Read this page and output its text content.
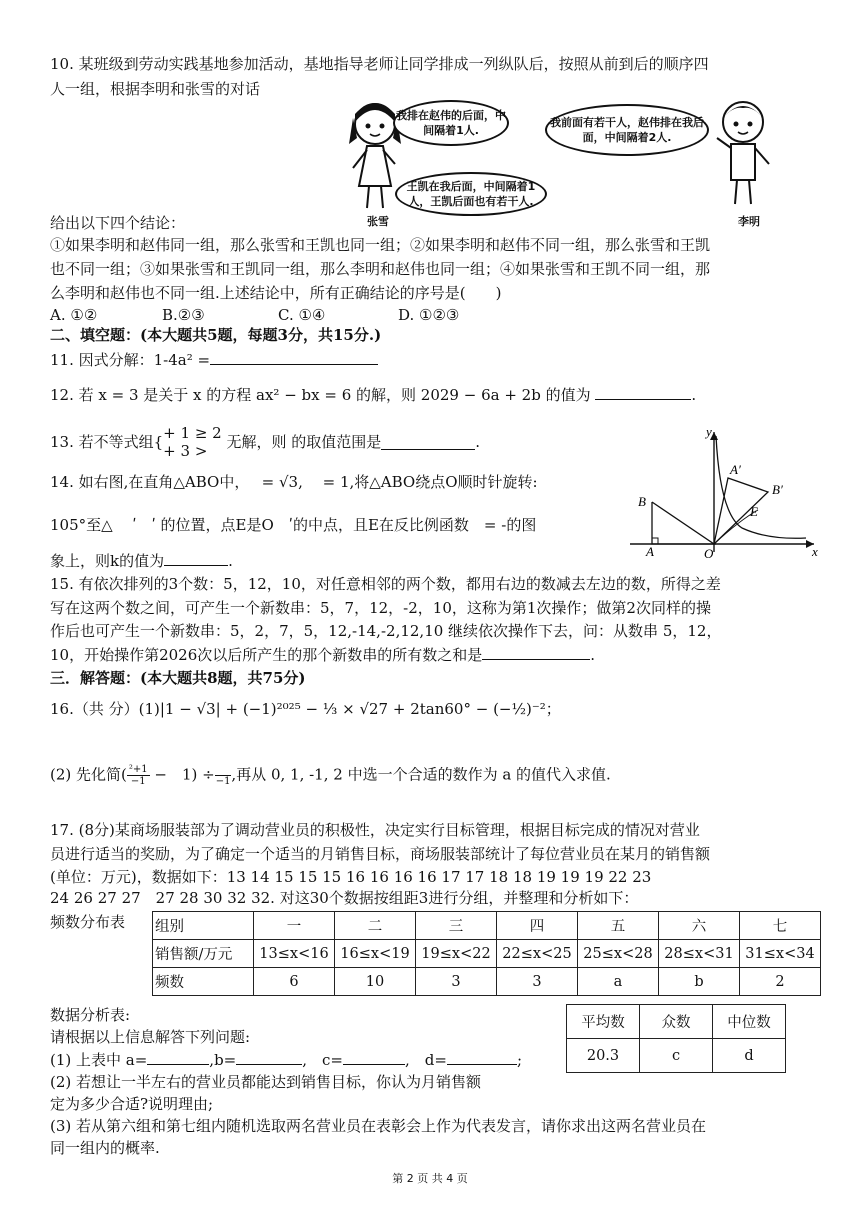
10. 某班级到劳动实践基地参加活动，基地指导老师让同学排成一列纵队后，按照从前到后的顺序四
人一组，根据李明和张雪的对话
张雪
我排在赵伟的后面，中间隔着1人.
王凯在我后面，中间隔着1人，王凯后面也有若干人.
我前面有若干人，赵伟排在我后面，中间隔着2人.
李明
给出以下四个结论：
①如果李明和赵伟同一组，那么张雪和王凯也同一组；②如果李明和赵伟不同一组，那么张雪和王凯
也不同一组；③如果张雪和王凯同一组，那么李明和赵伟也同一组；④如果张雪和王凯不同一组，那
么李明和赵伟也不同一组.上述结论中，所有正确结论的序号是(　　)
A. ①②	B.②③	C. ①④	D. ①②③
二、填空题：(本大题共5题，每题3分，共15分.)
11. 因式分解：1-4a² =
12. 若 x = 3 是关于 x 的方程 ax² − bx = 6 的解，则 2029 − 6a + 2b 的值为	.
13. 若不等式组{ + 1 ≥ 2
+ 3 >	无解，则 的取值范围是	.
14. 如右图,在直角△ABO中，　 = √3,　 = 1,将△ABO绕点O顺时针旋转:
105°至△ 　ʹ　ʹ 的位置，点E是O　ʹ的中点，且E在反比例函数　= -的图
象上，则k的值为	.
y
x
O
A
B
A′
B′
E
15. 有依次排列的3个数：5，12，10，对任意相邻的两个数，都用右边的数减去左边的数，所得之差
写在这两个数之间，可产生一个新数串：5，7，12，-2，10，这称为第1次操作；做第2次同样的操
作后也可产生一个新数串：5，2，7，5，12,-14,-2,12,10 继续依次操作下去，问：从数串 5，12，
10，开始操作第2026次以后所产生的那个新数串的所有数之和是	.
三．解答题：(本大题共8题，共75分)
16.（共 分）(1)|1 − √3| + (−1)²⁰²⁵ − ⅓ × √27 + 2tan60° − (−½)⁻²；
(2) 先化简( $\frac{\text{²+1}}{-1}$ −　1) ÷

−1,再从 0, 1, -1, 2 中选一个合适的数作为 a 的值代入求值.
17. (8分)某商场服装部为了调动营业员的积极性，决定实行目标管理，根据目标完成的情况对营业
员进行适当的奖励，为了确定一个适当的月销售目标，商场服装部统计了每位营业员在某月的销售额
(单位：万元)，数据如下：13 14 15 15 15 16 16 16 16 17 17 18 18 19 19 19 22 23
24 26 27 27　27 28 30 32 32. 对这30个数据按组距3进行分组，并整理和分析如下：
频数分布表 组别	一	二	三	四	五	六	七
销售额/万元	13≤x<16	16≤x<19	19≤x<22	22≤x<25	25≤x<28	28≤x<31	31≤x<34
频数	6	10	3	3	a	b	2
数据分析表:	平均数	众数	中位数
20.3	c	d
请根据以上信息解答下列问题:
(1) 上表中 a=	,b=	,　c=	,　d=	;
(2) 若想让一半左右的营业员都能达到销售目标，你认为月销售额
定为多少合适?说明理由;
(3) 若从第六组和第七组内随机选取两名营业员在表彰会上作为代表发言，请你求出这两名营业员在
同一组内的概率.
第 2 页 共 4 页
